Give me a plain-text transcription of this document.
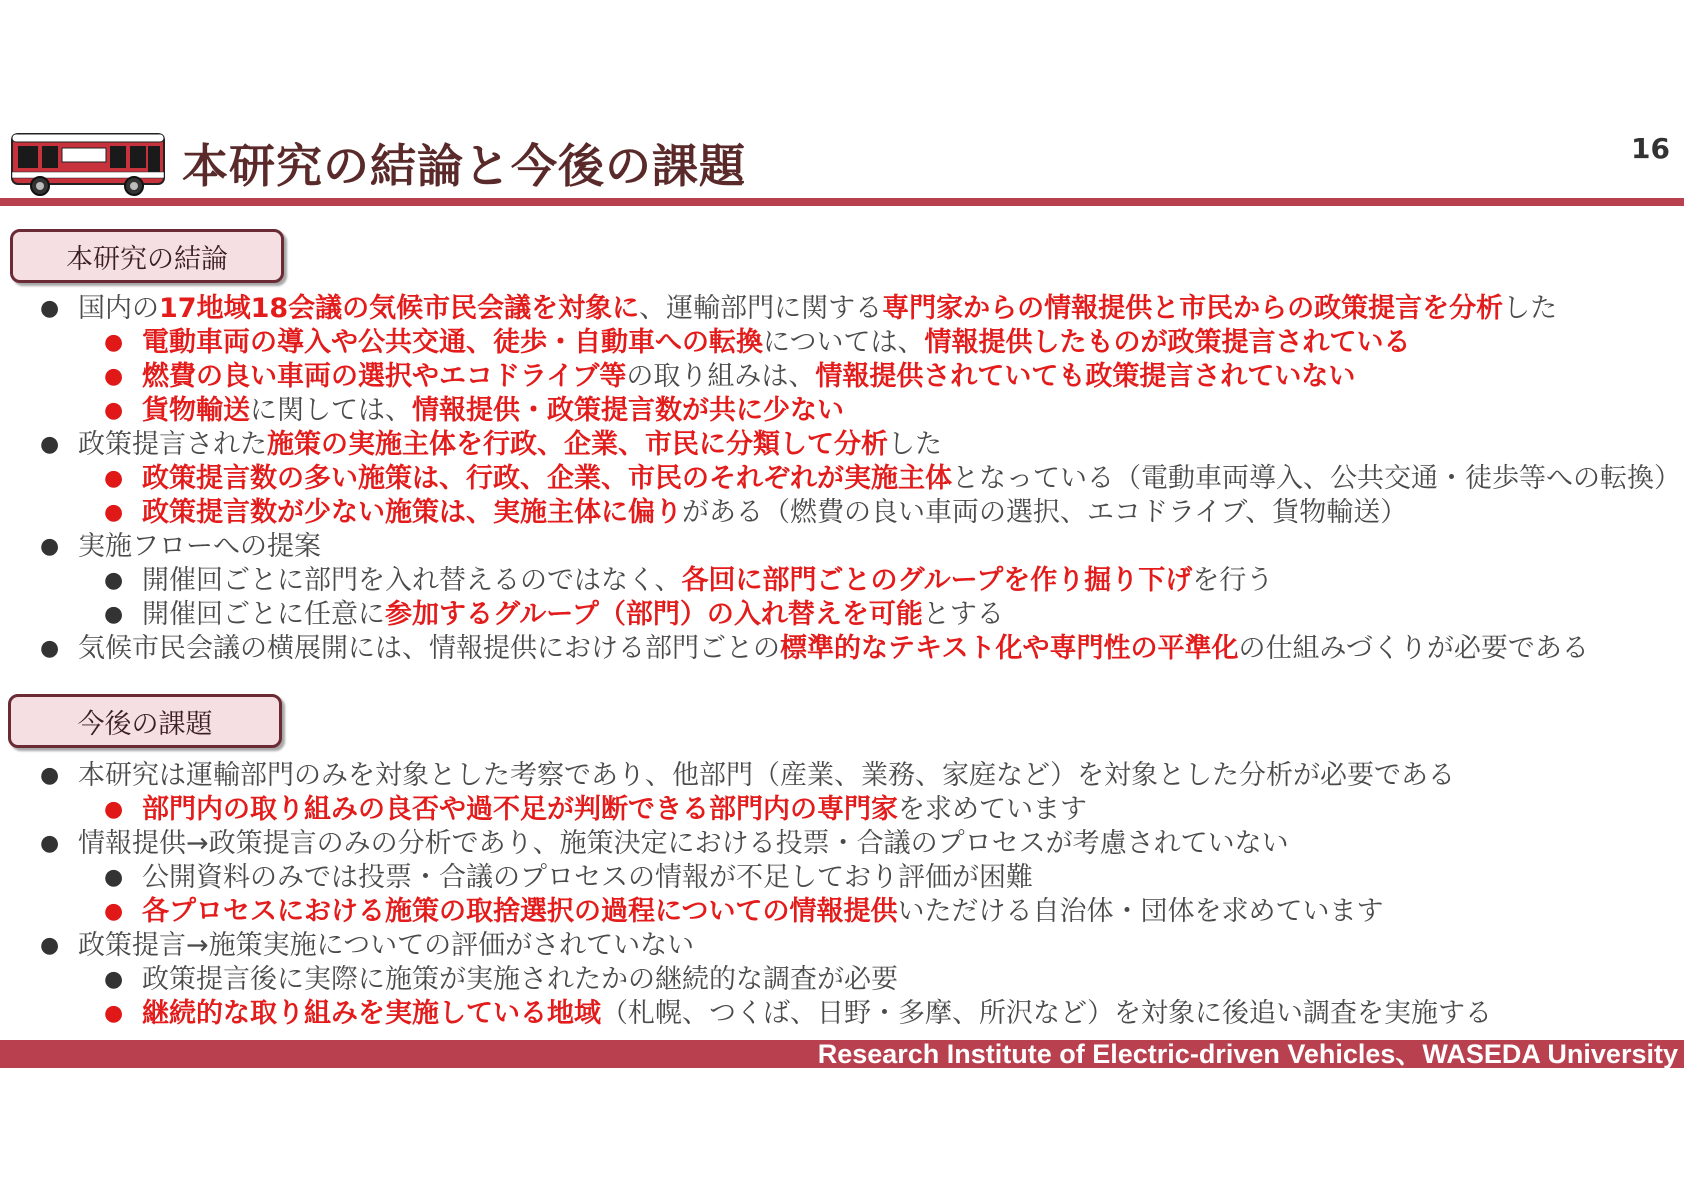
本研究の結論と今後の課題	16
本研究の結論
● 国内の17地域18会議の気候市民会議を対象に、運輸部門に関する専門家からの情報提供と市民からの政策提言を分析した
● 電動車両の導入や公共交通、徒歩・自動車への転換については、情報提供したものが政策提言されている
● 燃費の良い車両の選択やエコドライブ等の取り組みは、情報提供されていても政策提言されていない
● 貨物輸送に関しては、情報提供・政策提言数が共に少ない
● 政策提言された施策の実施主体を行政、企業、市民に分類して分析した
● 政策提言数の多い施策は、行政、企業、市民のそれぞれが実施主体となっている（電動車両導入、公共交通・徒歩等への転換）
● 政策提言数が少ない施策は、実施主体に偏りがある（燃費の良い車両の選択、エコドライブ、貨物輸送）
● 実施フローへの提案
● 開催回ごとに部門を入れ替えるのではなく、各回に部門ごとのグループを作り掘り下げを行う
● 開催回ごとに任意に参加するグループ（部門）の入れ替えを可能とする
● 気候市民会議の横展開には、情報提供における部門ごとの標準的なテキスト化や専門性の平準化の仕組みづくりが必要である
今後の課題
● 本研究は運輸部門のみを対象とした考察であり、他部門（産業、業務、家庭など）を対象とした分析が必要である
● 部門内の取り組みの良否や過不足が判断できる部門内の専門家を求めています
● 情報提供→政策提言のみの分析であり、施策決定における投票・合議のプロセスが考慮されていない
● 公開資料のみでは投票・合議のプロセスの情報が不足しており評価が困難
● 各プロセスにおける施策の取捨選択の過程についての情報提供いただける自治体・団体を求めています
● 政策提言→施策実施についての評価がされていない
● 政策提言後に実際に施策が実施されたかの継続的な調査が必要
● 継続的な取り組みを実施している地域（札幌、つくば、日野・多摩、所沢など）を対象に後追い調査を実施する
Research Institute of Electric-driven Vehicles、WASEDA University
